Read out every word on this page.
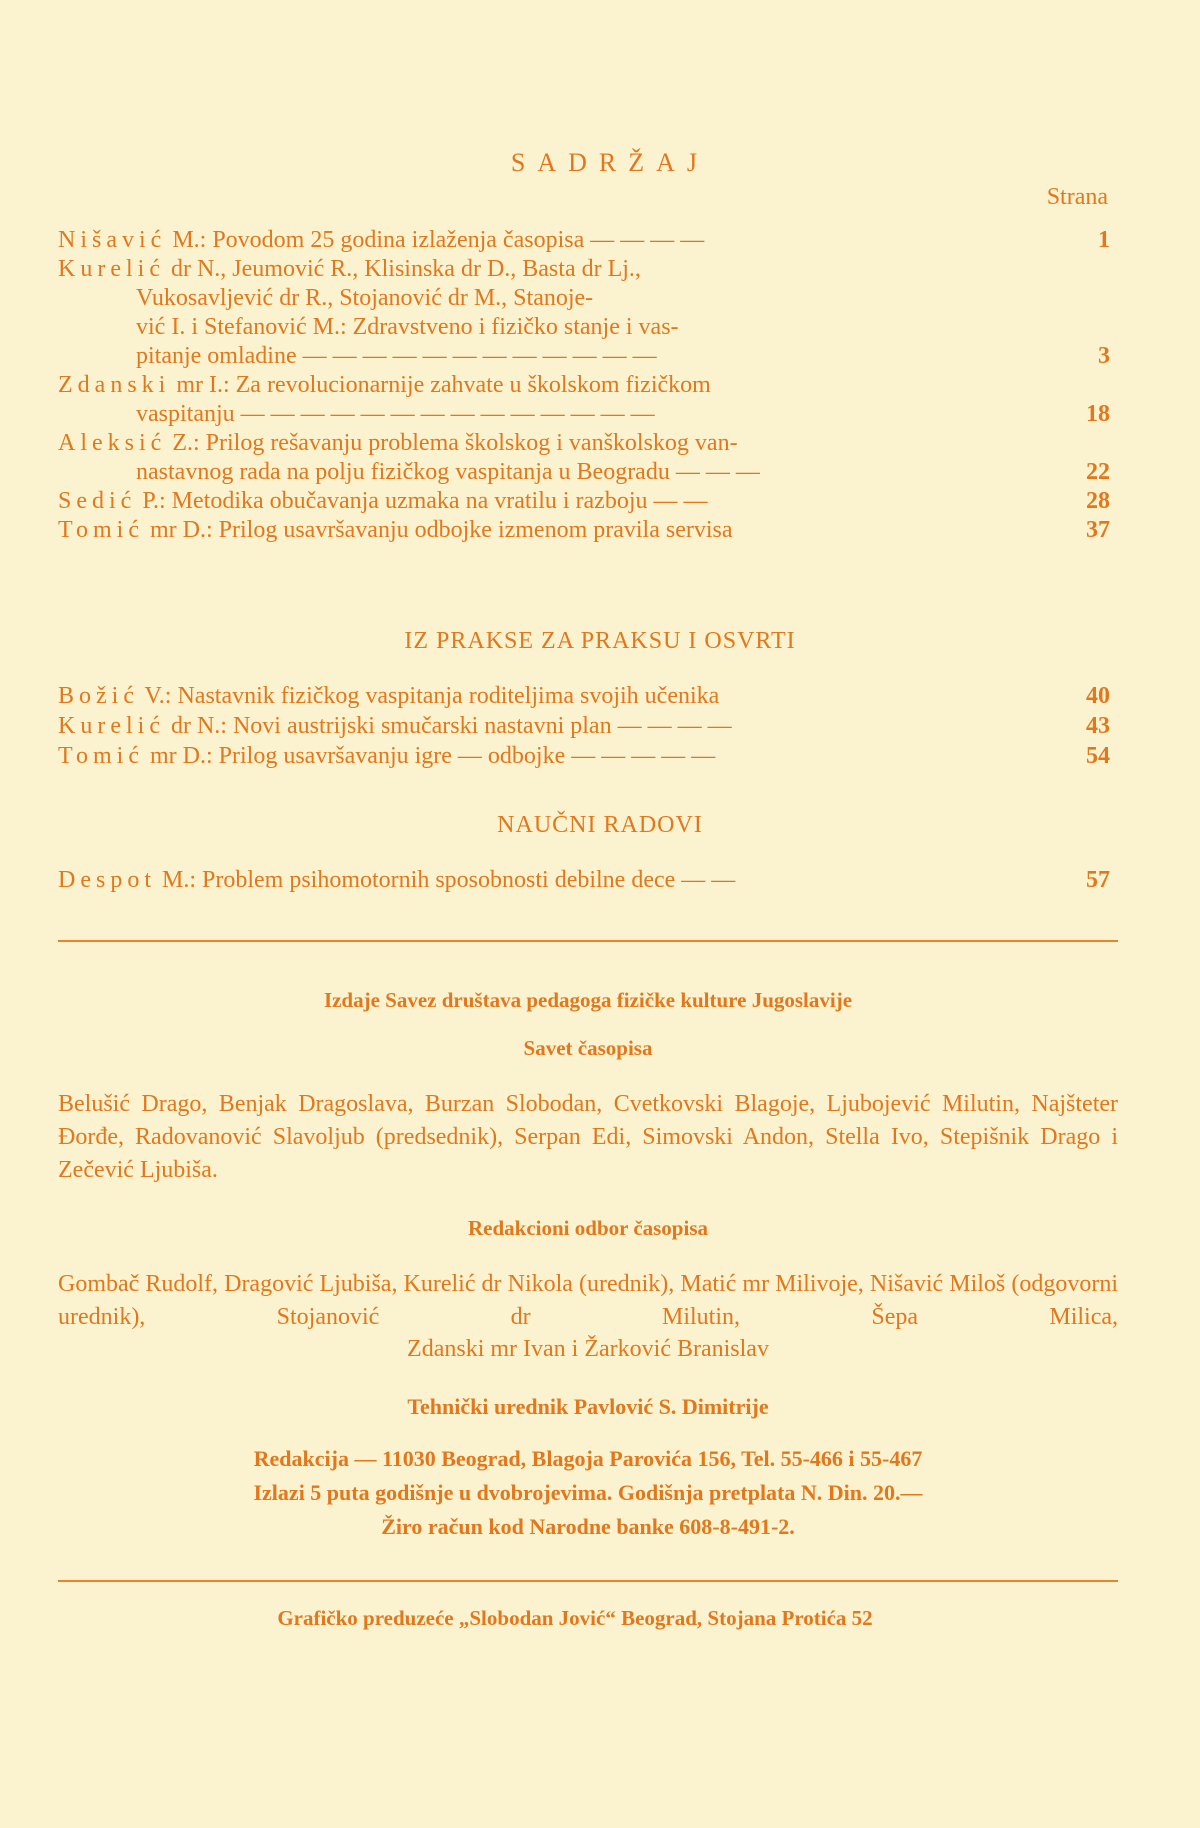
SADRŽAJ
Strana
Nišavić M.: Povodom 25 godina izlaženja časopisa — — — —	1
Kurelić dr N., Jeumović R., Klisinska dr D., Basta dr Lj.,
Vukosavljević dr R., Stojanović dr M., Stanoje-
vić I. i Stefanović M.: Zdravstveno i fizičko stanje i vas-
pitanje omladine — — — — — — — — — — — —	3
Zdanski mr I.: Za revolucionarnije zahvate u školskom fizičkom
vaspitanju — — — — — — — — — — — — — —	18
Aleksić Z.: Prilog rešavanju problema školskog i vanškolskog van-
nastavnog rada na polju fizičkog vaspitanja u Beogradu — — —	22
Sedić P.: Metodika obučavanja uzmaka na vratilu i razboju — —	28
Tomić mr D.: Prilog usavršavanju odbojke izmenom pravila servisa	37
IZ PRAKSE ZA PRAKSU I OSVRTI
Božić V.: Nastavnik fizičkog vaspitanja roditeljima svojih učenika	40
Kurelić dr N.: Novi austrijski smučarski nastavni plan — — — —	43
Tomić mr D.: Prilog usavršavanju igre — odbojke — — — — —	54
NAUČNI RADOVI
Despot M.: Problem psihomotornih sposobnosti debilne dece — —	57
Izdaje Savez društava pedagoga fizičke kulture Jugoslavije
Savet časopisa
Belušić Drago, Benjak Dragoslava, Burzan Slobodan, Cvetkovski Blagoje, Ljubojević Milutin, Najšteter Đorđe, Radovanović Slavoljub (predsednik), Serpan Edi, Simovski Andon, Stella Ivo, Stepišnik Drago i Zečević Ljubiša.
Redakcioni odbor časopisa
Gombač Rudolf, Dragović Ljubiša, Kurelić dr Nikola (urednik), Matić mr Milivoje, Nišavić Miloš (odgovorni urednik), Stojanović dr Milutin, Šepa Milica,
Zdanski mr Ivan i Žarković Branislav
Tehnički urednik Pavlović S. Dimitrije
Redakcija — 11030 Beograd, Blagoja Parovića 156, Tel. 55-466 i 55-467
Izlazi 5 puta godišnje u dvobrojevima. Godišnja pretplata N. Din. 20.—
Žiro račun kod Narodne banke 608-8-491-2.
Grafičko preduzeće „Slobodan Jović“ Beograd, Stojana Protića 52
